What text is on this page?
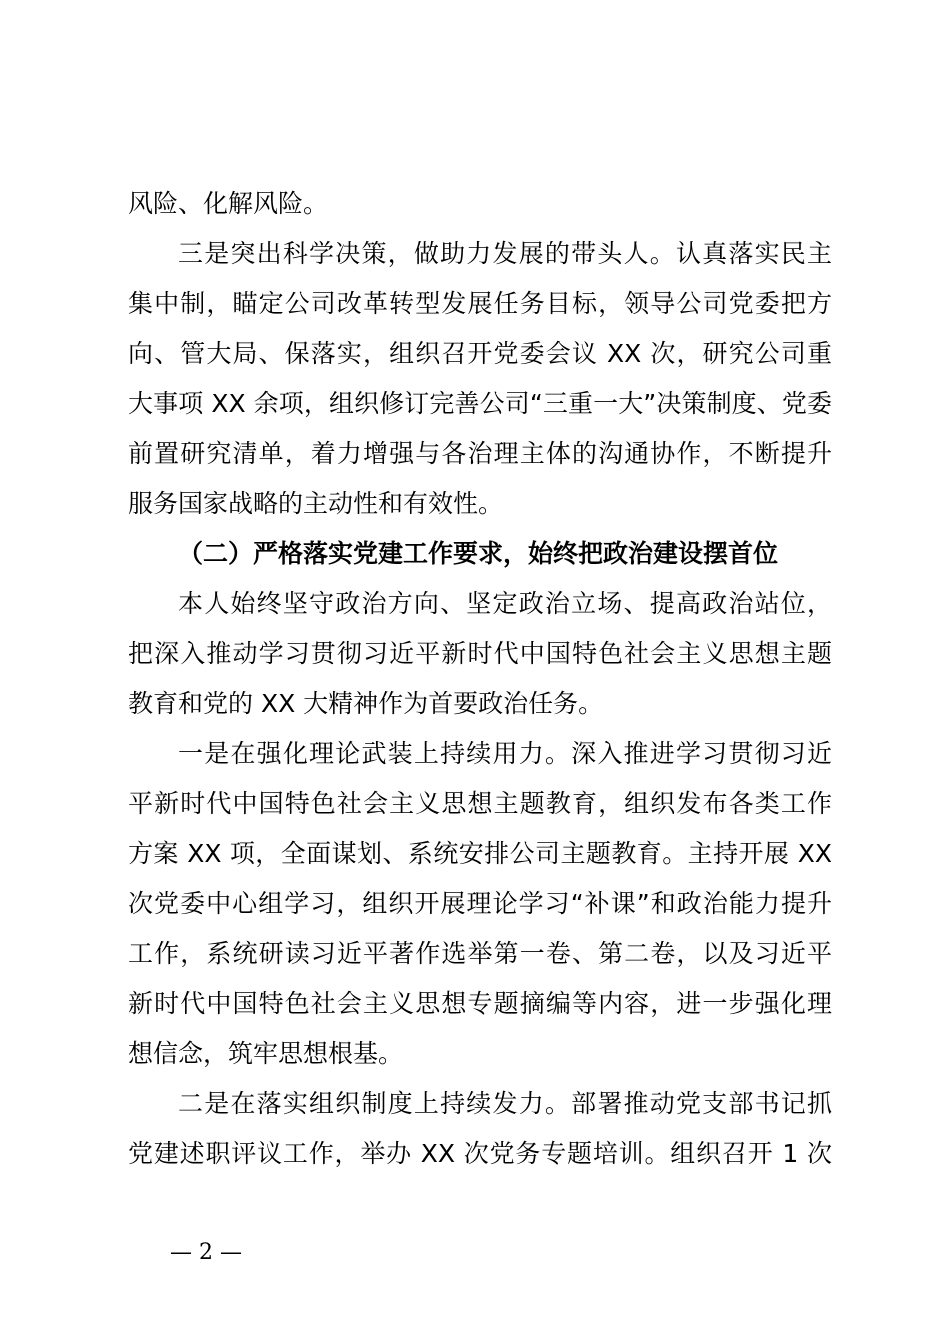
风险、化解风险。
三是突出科学决策，做助力发展的带头人。认真落实民主
集中制，瞄定公司改革转型发展任务目标，领导公司党委把方
向、管大局、保落实，组织召开党委会议 XX 次，研究公司重
大事项 XX 余项，组织修订完善公司“三重一大”决策制度、党委
前置研究清单，着力增强与各治理主体的沟通协作，不断提升
服务国家战略的主动性和有效性。
（二）严格落实党建工作要求，始终把政治建设摆首位
本人始终坚守政治方向、坚定政治立场、提高政治站位，
把深入推动学习贯彻习近平新时代中国特色社会主义思想主题
教育和党的 XX 大精神作为首要政治任务。
一是在强化理论武装上持续用力。深入推进学习贯彻习近
平新时代中国特色社会主义思想主题教育，组织发布各类工作
方案 XX 项，全面谋划、系统安排公司主题教育。主持开展 XX
次党委中心组学习，组织开展理论学习“补课”和政治能力提升
工作，系统研读习近平著作选举第一卷、第二卷，以及习近平
新时代中国特色社会主义思想专题摘编等内容，进一步强化理
想信念，筑牢思想根基。
二是在落实组织制度上持续发力。部署推动党支部书记抓
党建述职评议工作，举办 XX 次党务专题培训。组织召开 1 次
— 2 —
